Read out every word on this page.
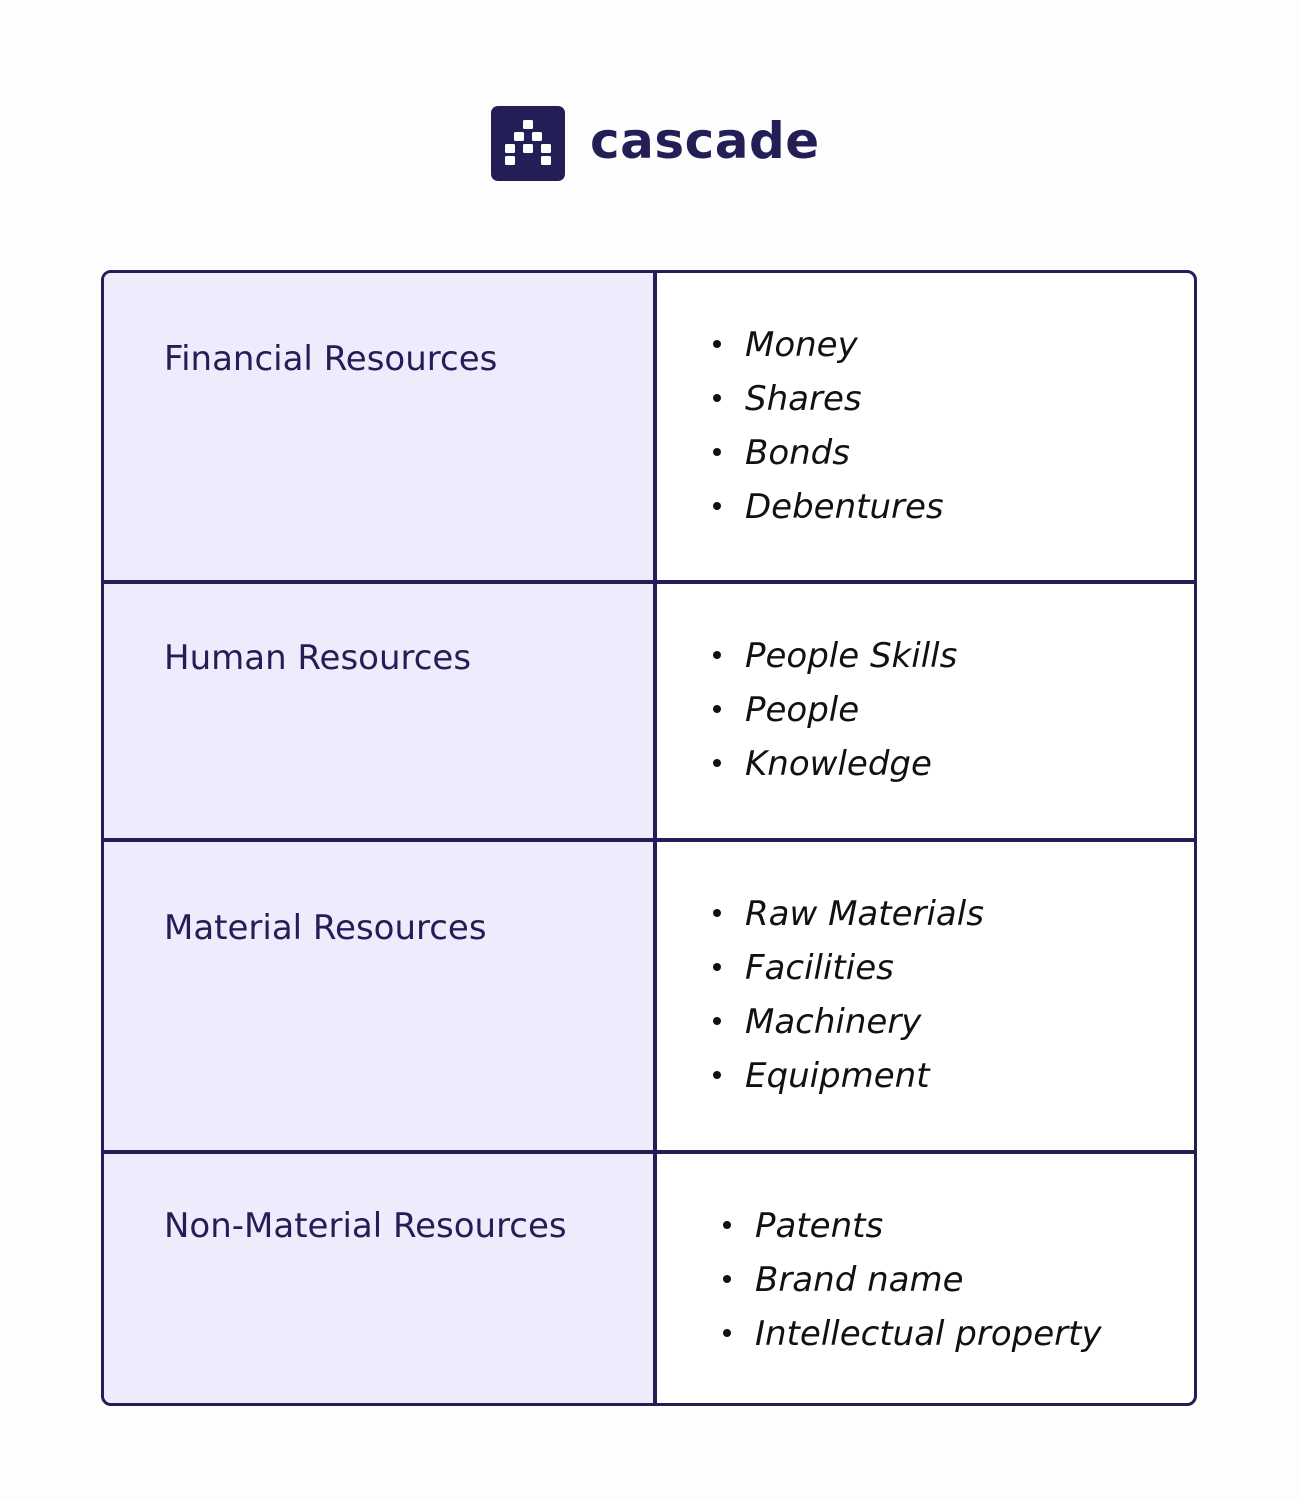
cascade
Financial Resources	Money
Shares
Bonds
Debentures
Human Resources	People Skills
People
Knowledge
Material Resources	Raw Materials
Facilities
Machinery
Equipment
Non-Material Resources	Patents
Brand name
Intellectual property
